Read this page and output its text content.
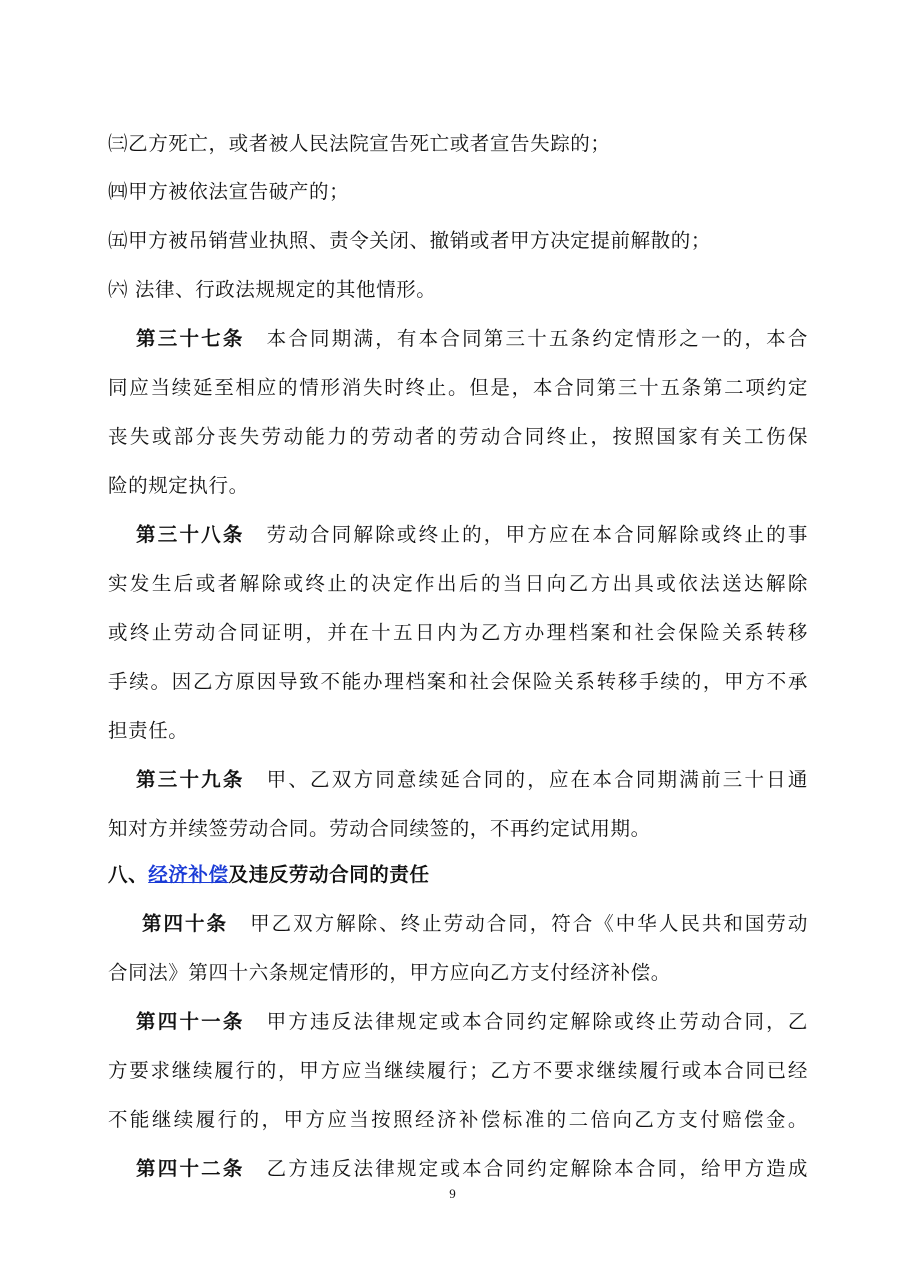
㈢乙方死亡，或者被人民法院宣告死亡或者宣告失踪的；
㈣甲方被依法宣告破产的；
㈤甲方被吊销营业执照、责令关闭、撤销或者甲方决定提前解散的；
㈥ 法律、行政法规规定的其他情形。
第三十七条 本合同期满，有本合同第三十五条约定情形之一的，本合
同应当续延至相应的情形消失时终止。但是，本合同第三十五条第二项约定
丧失或部分丧失劳动能力的劳动者的劳动合同终止，按照国家有关工伤保
险的规定执行。
第三十八条 劳动合同解除或终止的，甲方应在本合同解除或终止的事
实发生后或者解除或终止的决定作出后的当日向乙方出具或依法送达解除
或终止劳动合同证明，并在十五日内为乙方办理档案和社会保险关系转移
手续。因乙方原因导致不能办理档案和社会保险关系转移手续的，甲方不承
担责任。
第三十九条 甲、乙双方同意续延合同的，应在本合同期满前三十日通
知对方并续签劳动合同。劳动合同续签的，不再约定试用期。
八、经济补偿及违反劳动合同的责任
第四十条 甲乙双方解除、终止劳动合同，符合《中华人民共和国劳动
合同法》第四十六条规定情形的，甲方应向乙方支付经济补偿。
第四十一条 甲方违反法律规定或本合同约定解除或终止劳动合同，乙
方要求继续履行的，甲方应当继续履行；乙方不要求继续履行或本合同已经
不能继续履行的，甲方应当按照经济补偿标准的二倍向乙方支付赔偿金。
第四十二条 乙方违反法律规定或本合同约定解除本合同，给甲方造成
9
